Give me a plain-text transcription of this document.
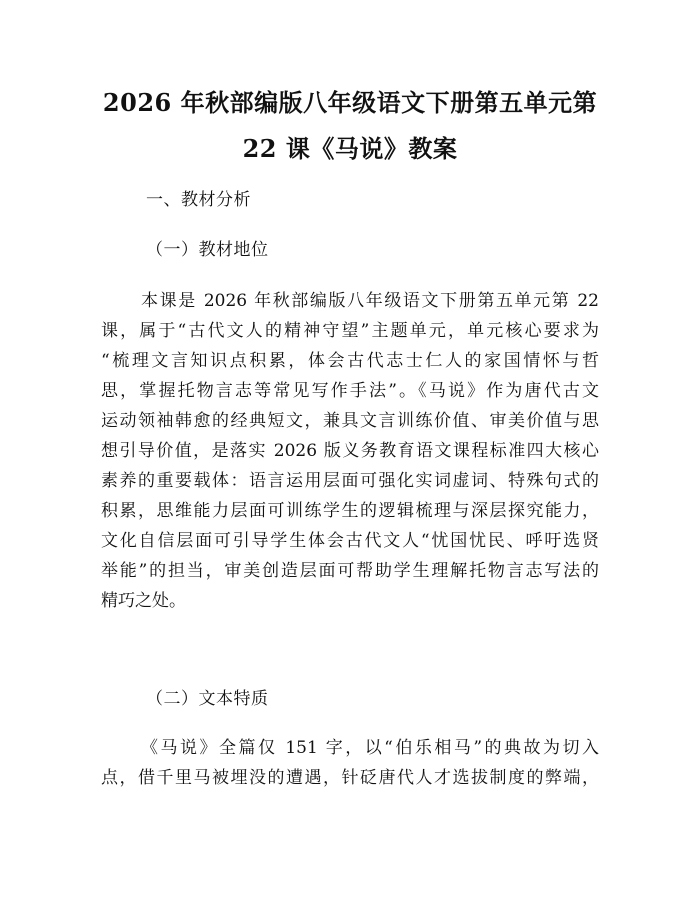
2026 年秋部编版八年级语文下册第五单元第
22 课《马说》教案
一、教材分析
（一）教材地位
本课是 2026 年秋部编版八年级语文下册第五单元第 22
课，属于“古代文人的精神守望”主题单元，单元核心要求为
“梳理文言知识点积累，体会古代志士仁人的家国情怀与哲
思，掌握托物言志等常见写作手法”。《马说》作为唐代古文
运动领袖韩愈的经典短文，兼具文言训练价值、审美价值与思
想引导价值，是落实 2026 版义务教育语文课程标准四大核心
素养的重要载体：语言运用层面可强化实词虚词、特殊句式的
积累，思维能力层面可训练学生的逻辑梳理与深层探究能力，
文化自信层面可引导学生体会古代文人“忧国忧民、呼吁选贤
举能”的担当，审美创造层面可帮助学生理解托物言志写法的
精巧之处。
（二）文本特质
《马说》全篇仅 151 字，以“伯乐相马”的典故为切入
点，借千里马被埋没的遭遇，针砭唐代人才选拔制度的弊端，
